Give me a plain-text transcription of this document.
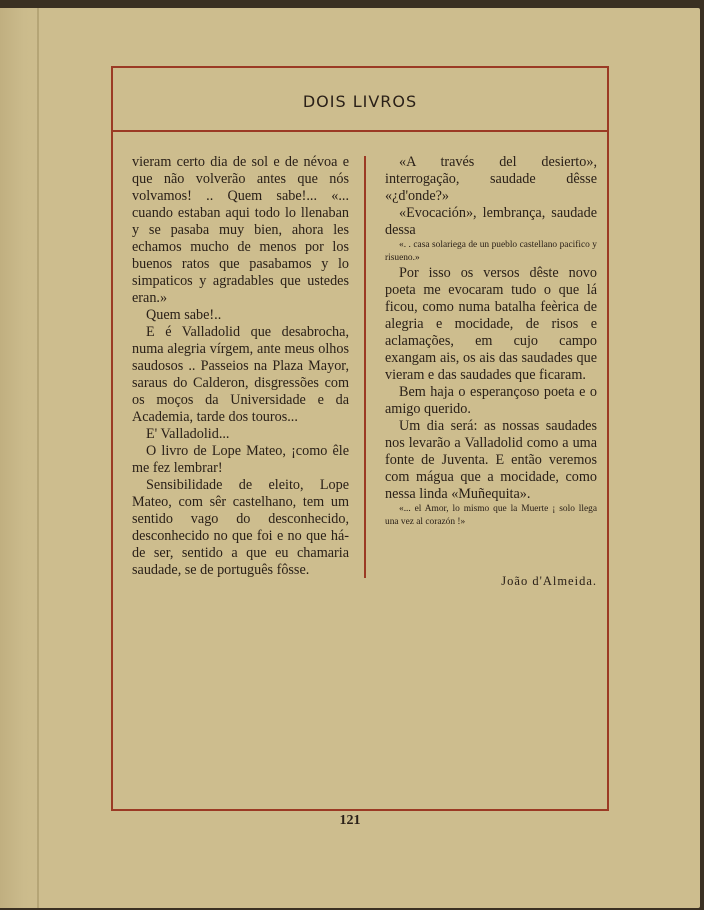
DOIS LIVROS

vieram certo dia de sol e de névoa e que não volverão antes que nós volvamos! .. Quem sabe!... «... cuando estaban aqui todo lo llenaban y se pasaba muy bien, ahora les echamos mucho de menos por los buenos ratos que pasabamos y lo simpaticos y agradables que ustedes eran.»

Quem sabe!..

E é Valladolid que desabrocha, numa alegria vírgem, ante meus olhos saudosos .. Passeios na Plaza Mayor, saraus do Calderon, disgressões com os moços da Universidade e da Academia, tarde dos touros...

E' Valladolid...

O livro de Lope Mateo, ¡como êle me fez lembrar!

Sensibilidade de eleito, Lope Mateo, com sêr castelhano, tem um sentido vago do desconhecido, desconhecido no que foi e no que há-de ser, sentido a que eu chamaria saudade, se de português fôsse.

«A través del desierto», interrogação, saudade dêsse «¿d'onde?»

«Evocación», lembrança, saudade dessa

«. . casa solariega de un pueblo castellano pacifico y risueno.»

Por isso os versos dêste novo poeta me evocaram tudo o que lá ficou, como numa batalha feèrica de alegria e mocidade, de risos e aclamações, em cujo campo exangam ais, os ais das saudades que vieram e das saudades que ficaram.

Bem haja o esperançoso poeta e o amigo querido.

Um dia será: as nossas saudades nos levarão a Valladolid como a uma fonte de Juventa. E então veremos com mágua que a mocidade, como nessa linda «Muñequita».

«... el Amor, lo mismo que la Muerte ¡ solo llega una vez al corazón !»

João d'Almeida.
121
